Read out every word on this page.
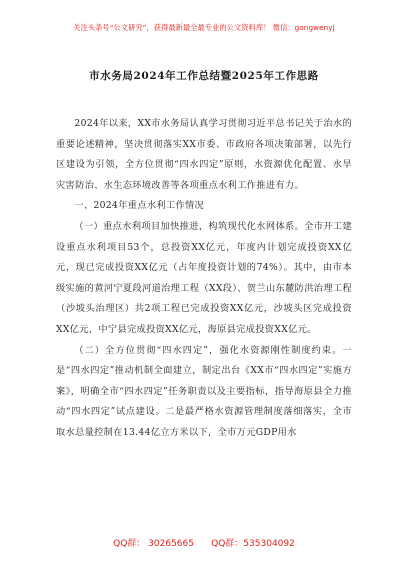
关注头条号“公文研究”，获得最新最全最专业的公文资料库！ 微信：gongwenyj
市水务局2024年工作总结暨2025年工作思路

2024年以来，XX市水务局认真学习贯彻习近平总书记关于治水的重要论述精神，坚决贯彻落实XX市委、市政府各项决策部署，以先行区建设为引领，全方位贯彻“四水四定”原则，水资源优化配置、水旱灾害防治、水生态环境改善等各项重点水利工作推进有力。

一、2024年重点水利工作情况

（一）重点水利项目加快推进，构筑现代化水网体系。全市开工建设重点水利项目53个，总投资XX亿元，年度内计划完成投资XX亿元，现已完成投资XX亿元（占年度投资计划的74%）。其中，由市本级实施的黄河宁夏段河道治理工程（XX段）、贺兰山东麓防洪治理工程（沙坡头治理区）共2项工程已完成投资XX亿元，沙坡头区完成投资XX亿元，中宁县完成投资XX亿元，海原县完成投资XX亿元。

（二）全方位贯彻“四水四定”，强化水资源刚性制度约束。一是“四水四定”推动机制全面建立，制定出台《XX市“四水四定”实施方案》，明确全市“四水四定”任务职责以及主要指标，指导海原县全力推动“四水四定”试点建设。二是最严格水资源管理制度落细落实，全市取水总量控制在13.44亿立方米以下，全市万元GDP用水

QQ群： 30265665      QQ群：535304092
